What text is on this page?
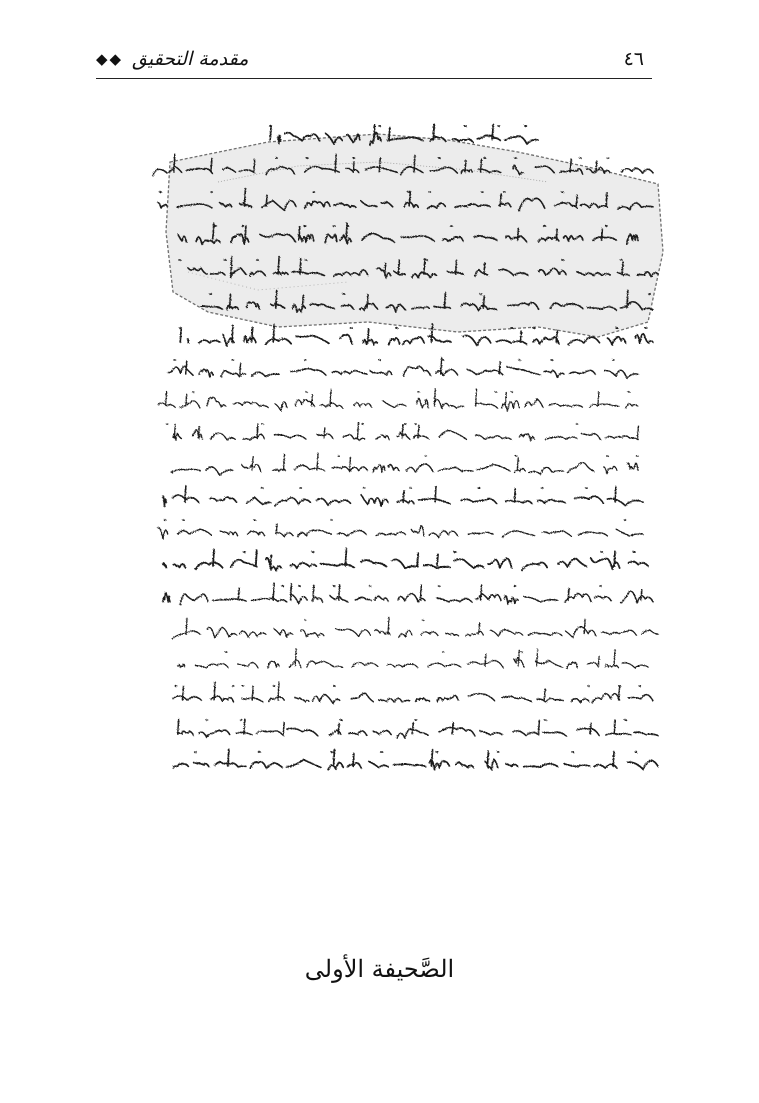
◆◆ مقدمة التحقيق	٤٦
الصَّحيفة الأولى
